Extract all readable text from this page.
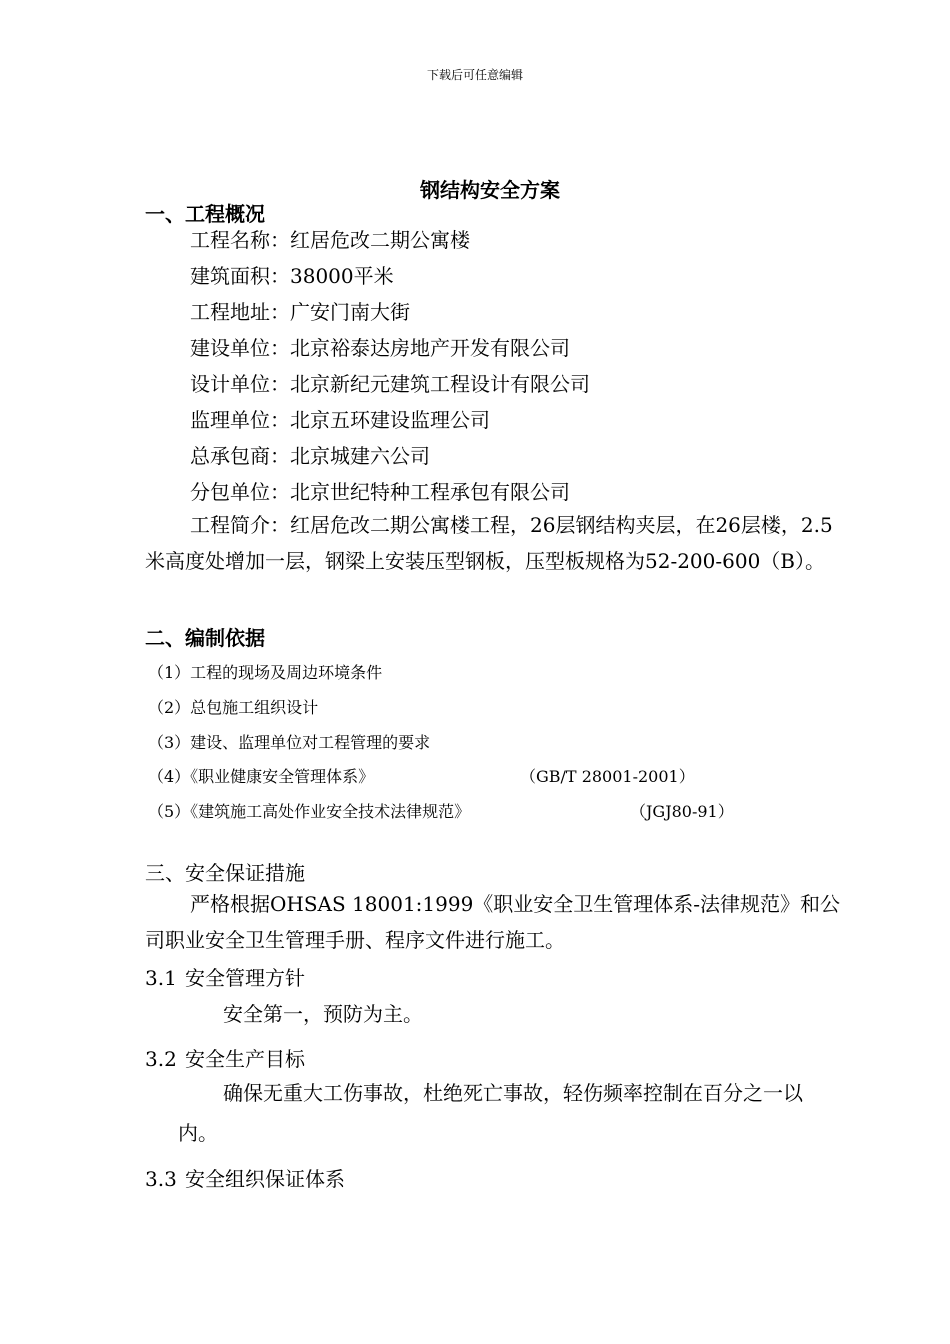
下载后可任意编辑
钢结构安全方案
一、工程概况
工程名称：红居危改二期公寓楼
建筑面积：38000平米
工程地址：广安门南大街
建设单位：北京裕泰达房地产开发有限公司
设计单位：北京新纪元建筑工程设计有限公司
监理单位：北京五环建设监理公司
总承包商：北京城建六公司
分包单位：北京世纪特种工程承包有限公司
工程简介：红居危改二期公寓楼工程，26层钢结构夹层，在26层楼，2.5米高度处增加一层，钢梁上安装压型钢板，压型板规格为52-200-600（B）。
二、编制依据
（1）工程的现场及周边环境条件
（2）总包施工组织设计
（3）建设、监理单位对工程管理的要求
（4）《职业健康安全管理体系》	（GB/T 28001-2001）
（5）《建筑施工高处作业安全技术法律规范》	（JGJ80-91）
三、安全保证措施
严格根据OHSAS 18001:1999《职业安全卫生管理体系-法律规范》和公司职业安全卫生管理手册、程序文件进行施工。
3.1 安全管理方针
安全第一，预防为主。
3.2 安全生产目标
确保无重大工伤事故，杜绝死亡事故，轻伤频率控制在百分之一以内。
3.3 安全组织保证体系
